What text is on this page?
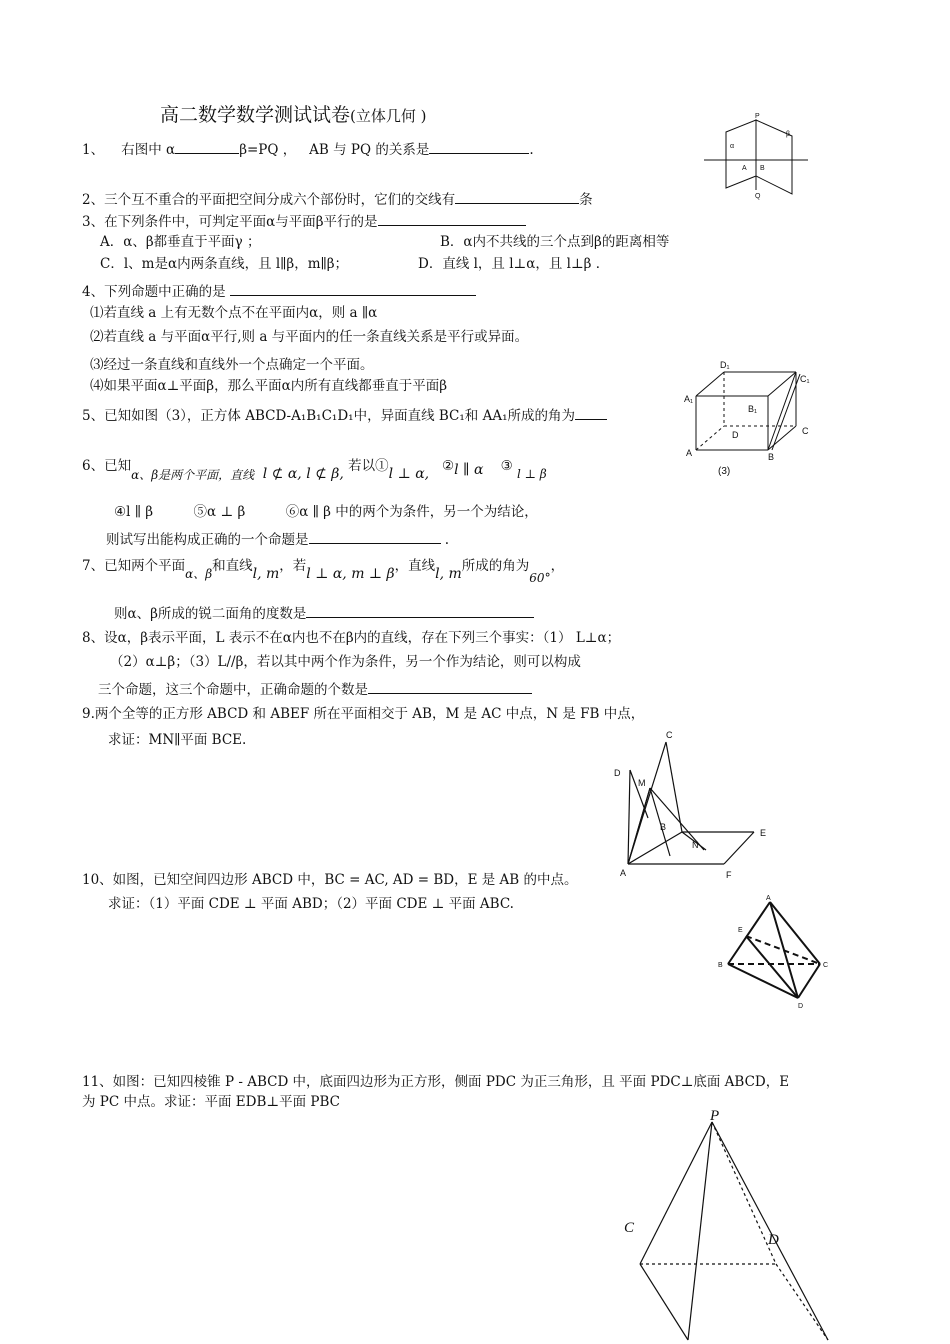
高二数学数学测试试卷(立体几何 )
1、 右图中 α	β=PQ ， AB 与 PQ 的关系是	.
P
β
α
A B
Q
2、三个互不重合的平面把空间分成六个部份时，它们的交线有	条
3、在下列条件中，可判定平面α与平面β平行的是
A．α、β都垂直于平面γ ；	B．α内不共线的三个点到β的距离相等
C．l、m是α内两条直线，且 l∥β，m∥β；	D．直线 l，且 l⊥α，且 l⊥β ．
4、下列命题中正确的是
⑴若直线 a 上有无数个点不在平面内α，则 a ∥α
⑵若直线 a 与平面α平行,则 a 与平面内的任一条直线关系是平行或异面。
⑶经过一条直线和直线外一个点确定一个平面。
⑷如果平面α⊥平面β，那么平面α内所有直线都垂直于平面β
5、已知如图（3），正方体 ABCD-A₁B₁C₁D₁中，异面直线 BC₁和 AA₁所成的角为
D₁
C₁
A₁
B₁
D	C
A	B
(3)
6、已知α、β是两个平面，直线 l ⊄ α, l ⊄ β, 若以①l ⊥ α, ②l ∥ α ③ l ⊥ β
④l ∥ β　　　⑤α ⊥ β　　　⑥α ∥ β 中的两个为条件，另一个为结论，
则试写出能构成正确的一个命题是	.
7、已知两个平面α、β和直线l, m，若l ⊥ α, m ⊥ β，直线l, m所成的角为60°，
则α、β所成的锐二面角的度数是
8、设α，β表示平面，L 表示不在α内也不在β内的直线，存在下列三个事实：（1） L⊥α；
（2）α⊥β；（3）L//β，若以其中两个作为条件，另一个作为结论，则可以构成
三个命题，这三个命题中，正确命题的个数是
9.两个全等的正方形 ABCD 和 ABEF 所在平面相交于 AB，M 是 AC 中点，N 是 FB 中点，
求证：MN∥平面 BCE.	C
D
M
B
E
N
A	F
10、如图，已知空间四边形 ABCD 中，BC = AC, AD = BD，E 是 AB 的中点。
求证：（1）平面 CDE ⊥ 平面 ABD；（2）平面 CDE ⊥ 平面 ABC.	A
E
B	C
D
11、如图：已知四棱锥 P - ABCD 中，底面四边形为正方形，侧面 PDC 为正三角形，且 平面 PDC⊥底面 ABCD，E
为 PC 中点。求证：平面 EDB⊥平面 PBC
P
C
D
